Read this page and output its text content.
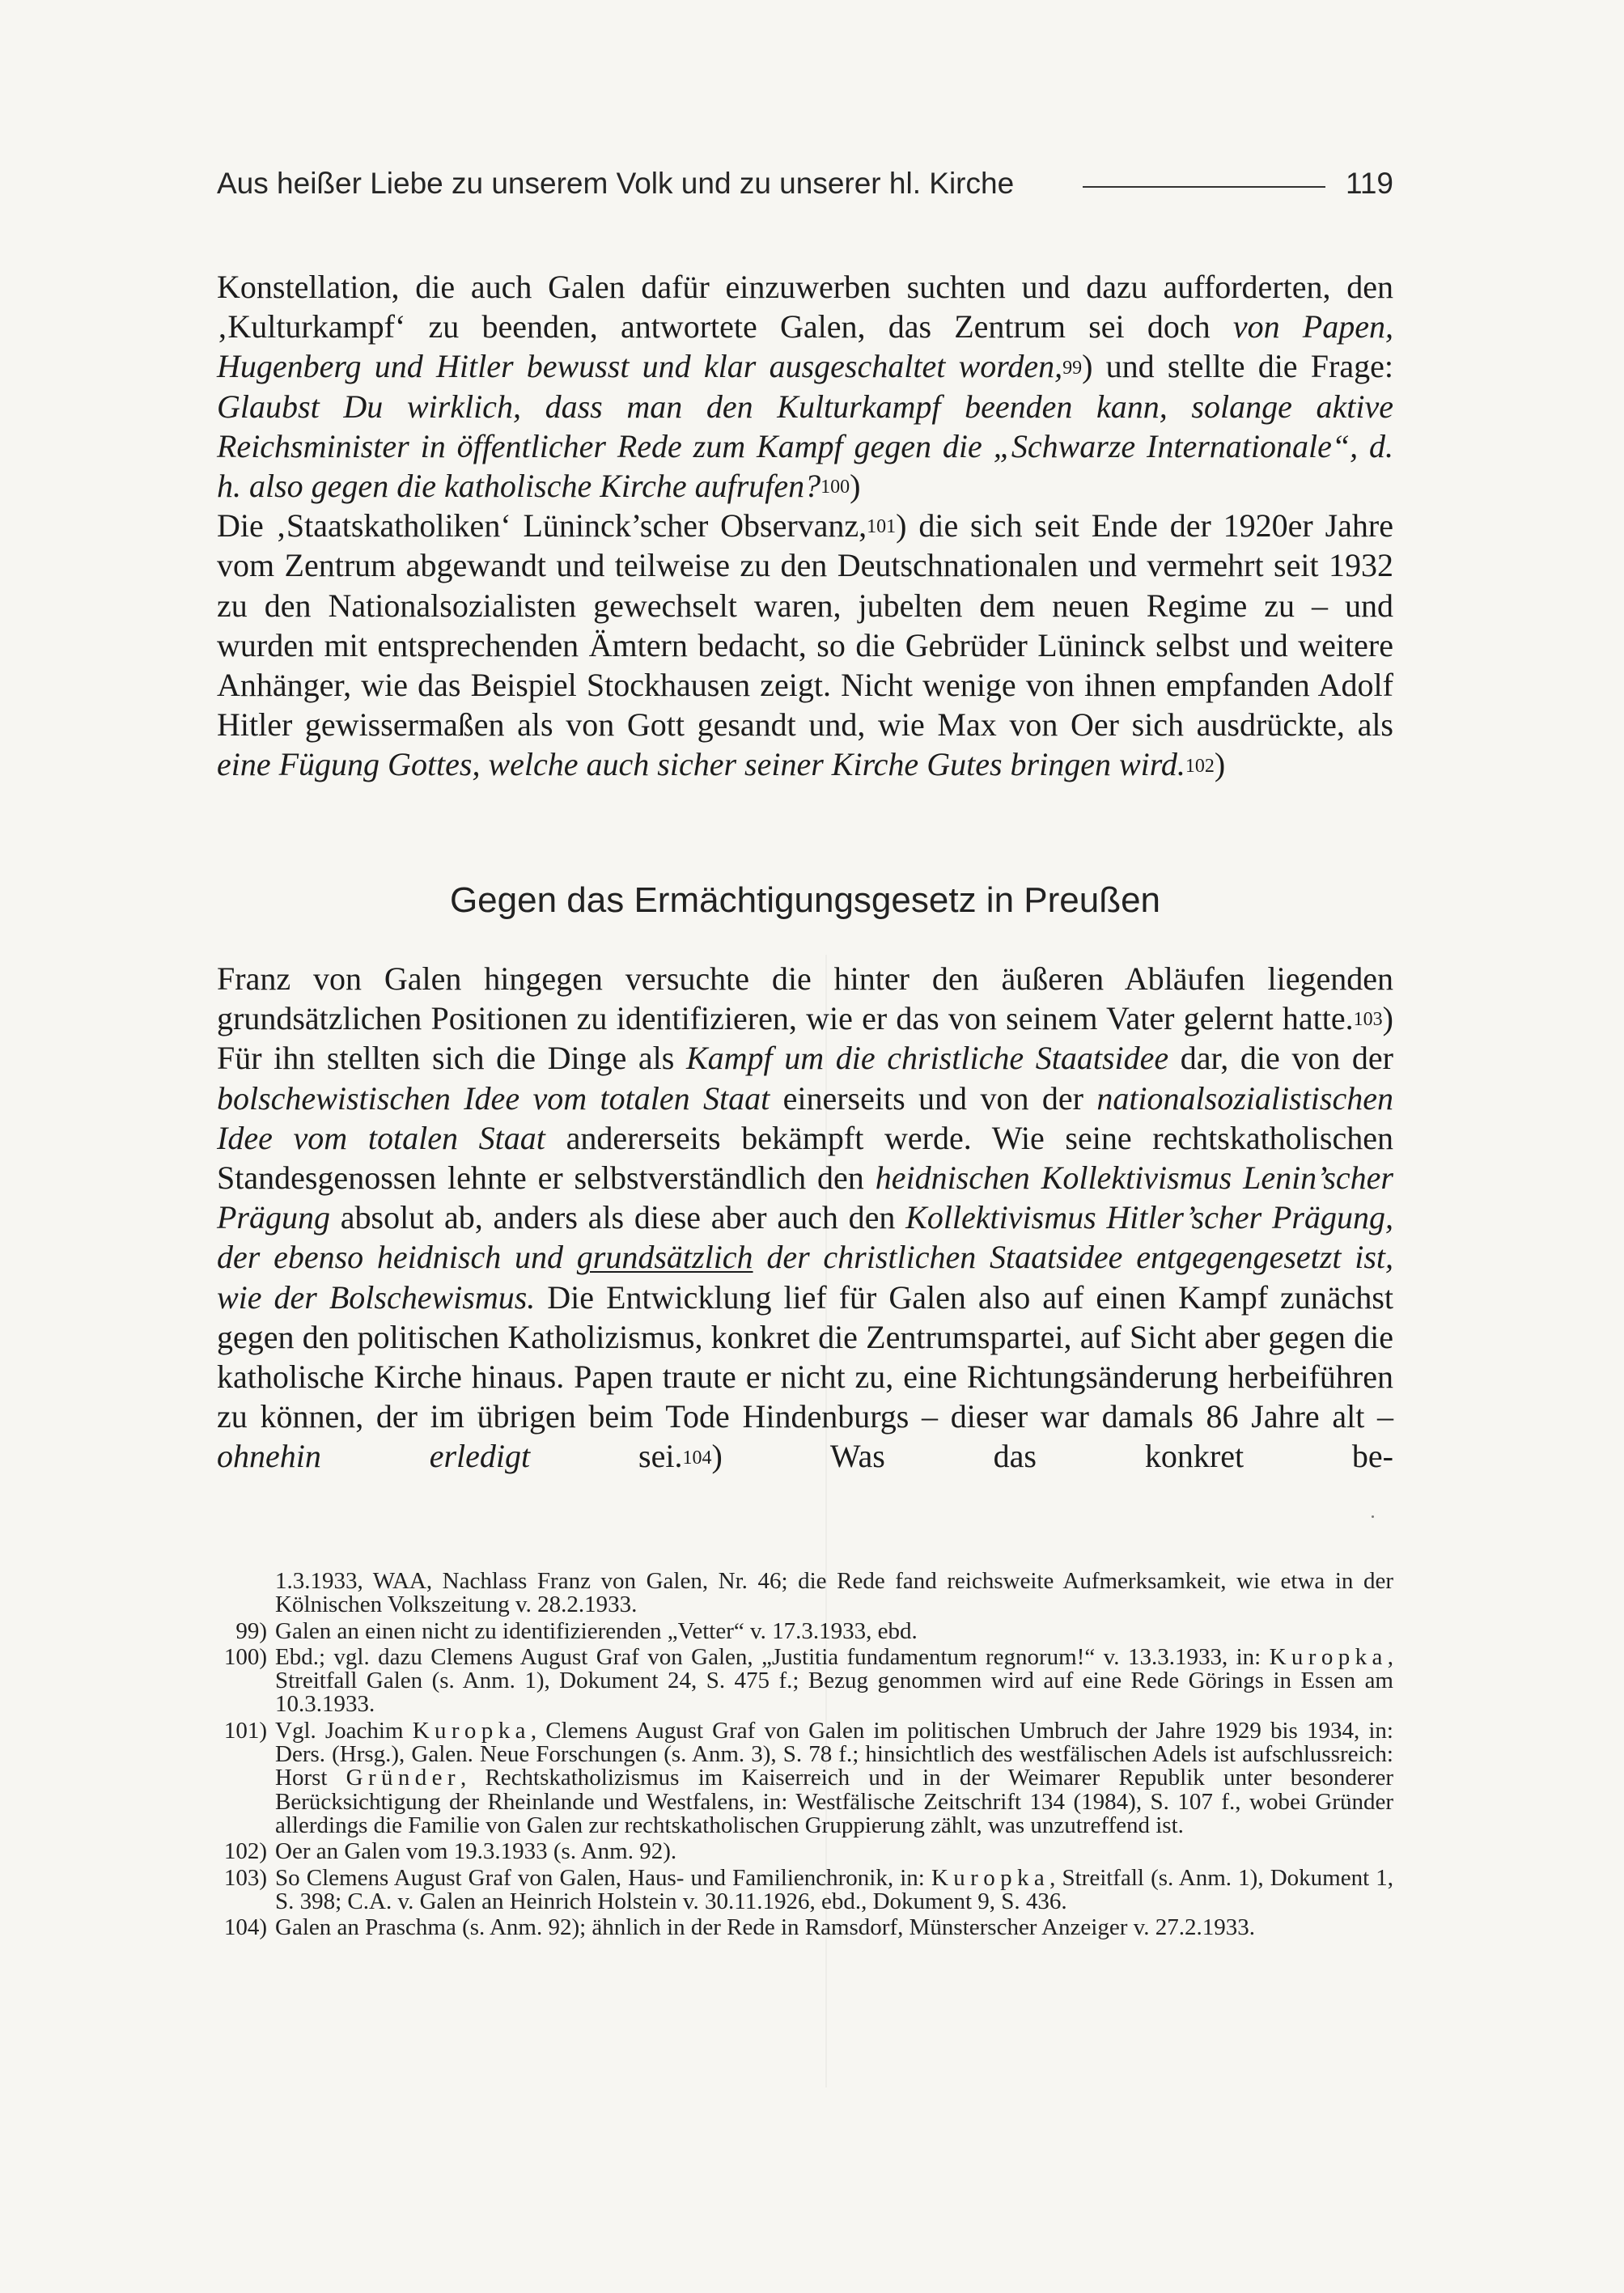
Aus heißer Liebe zu unserem Volk und zu unserer hl. Kirche	119

Konstellation, die auch Galen dafür einzuwerben suchten und dazu aufforderten, den ‚Kulturkampf‘ zu beenden, antwortete Galen, das Zentrum sei doch von Papen, Hugenberg und Hitler bewusst und klar ausgeschaltet worden,$^{99}$) und stellte die Frage: Glaubst Du wirklich, dass man den Kulturkampf beenden kann, solange aktive Reichsminister in öffentlicher Rede zum Kampf gegen die „Schwarze Internationale“, d. h. also gegen die katholische Kirche aufrufen?$^{100}$)

Die ‚Staatskatholiken‘ Lüninck’scher Observanz,$^{101}$) die sich seit Ende der 1920er Jahre vom Zentrum abgewandt und teilweise zu den Deutschnationalen und vermehrt seit 1932 zu den Nationalsozialisten gewechselt waren, jubelten dem neuen Regime zu – und wurden mit entsprechenden Ämtern bedacht, so die Gebrüder Lüninck selbst und weitere Anhänger, wie das Beispiel Stockhausen zeigt. Nicht wenige von ihnen empfanden Adolf Hitler gewissermaßen als von Gott gesandt und, wie Max von Oer sich ausdrückte, als eine Fügung Gottes, welche auch sicher seiner Kirche Gutes bringen wird.$^{102}$)

Gegen das Ermächtigungsgesetz in Preußen

Franz von Galen hingegen versuchte die hinter den äußeren Abläufen liegenden grundsätzlichen Positionen zu identifizieren, wie er das von seinem Vater gelernt hatte.$^{103}$) Für ihn stellten sich die Dinge als Kampf um die christliche Staatsidee dar, die von der bolschewistischen Idee vom totalen Staat einerseits und von der nationalsozialistischen Idee vom totalen Staat andererseits bekämpft werde. Wie seine rechtskatholischen Standesgenossen lehnte er selbstverständlich den heidnischen Kollektivismus Lenin’scher Prägung absolut ab, anders als diese aber auch den Kollektivismus Hitler’scher Prägung, der ebenso heidnisch und grundsätzlich der christlichen Staatsidee entgegengesetzt ist, wie der Bolschewismus. Die Entwicklung lief für Galen also auf einen Kampf zunächst gegen den politischen Katholizismus, konkret die Zentrumspartei, auf Sicht aber gegen die katholische Kirche hinaus. Papen traute er nicht zu, eine Richtungsänderung herbeiführen zu können, der im übrigen beim Tode Hindenburgs – dieser war damals 86 Jahre alt – ohnehin erledigt sei.$^{104}$) Was das konkret be-

1.3.1933, WAA, Nachlass Franz von Galen, Nr. 46; die Rede fand reichsweite Aufmerksamkeit, wie etwa in der Kölnischen Volkszeitung v. 28.2.1933.
99) Galen an einen nicht zu identifizierenden „Vetter“ v. 17.3.1933, ebd.
100) Ebd.; vgl. dazu Clemens August Graf von Galen, „Justitia fundamentum regnorum!“ v. 13.3.1933, in: Kuropka, Streitfall Galen (s. Anm. 1), Dokument 24, S. 475 f.; Bezug genommen wird auf eine Rede Görings in Essen am 10.3.1933.
101) Vgl. Joachim Kuropka, Clemens August Graf von Galen im politischen Umbruch der Jahre 1929 bis 1934, in: Ders. (Hrsg.), Galen. Neue Forschungen (s. Anm. 3), S. 78 f.; hinsichtlich des westfälischen Adels ist aufschlussreich: Horst Gründer, Rechtskatholizismus im Kaiserreich und in der Weimarer Republik unter besonderer Berücksichtigung der Rheinlande und Westfalens, in: Westfälische Zeitschrift 134 (1984), S. 107 f., wobei Gründer allerdings die Familie von Galen zur rechtskatholischen Gruppierung zählt, was unzutreffend ist.
102) Oer an Galen vom 19.3.1933 (s. Anm. 92).
103) So Clemens August Graf von Galen, Haus- und Familienchronik, in: Kuropka, Streitfall (s. Anm. 1), Dokument 1, S. 398; C.A. v. Galen an Heinrich Holstein v. 30.11.1926, ebd., Dokument 9, S. 436.
104) Galen an Praschma (s. Anm. 92); ähnlich in der Rede in Ramsdorf, Münsterscher Anzeiger v. 27.2.1933.
